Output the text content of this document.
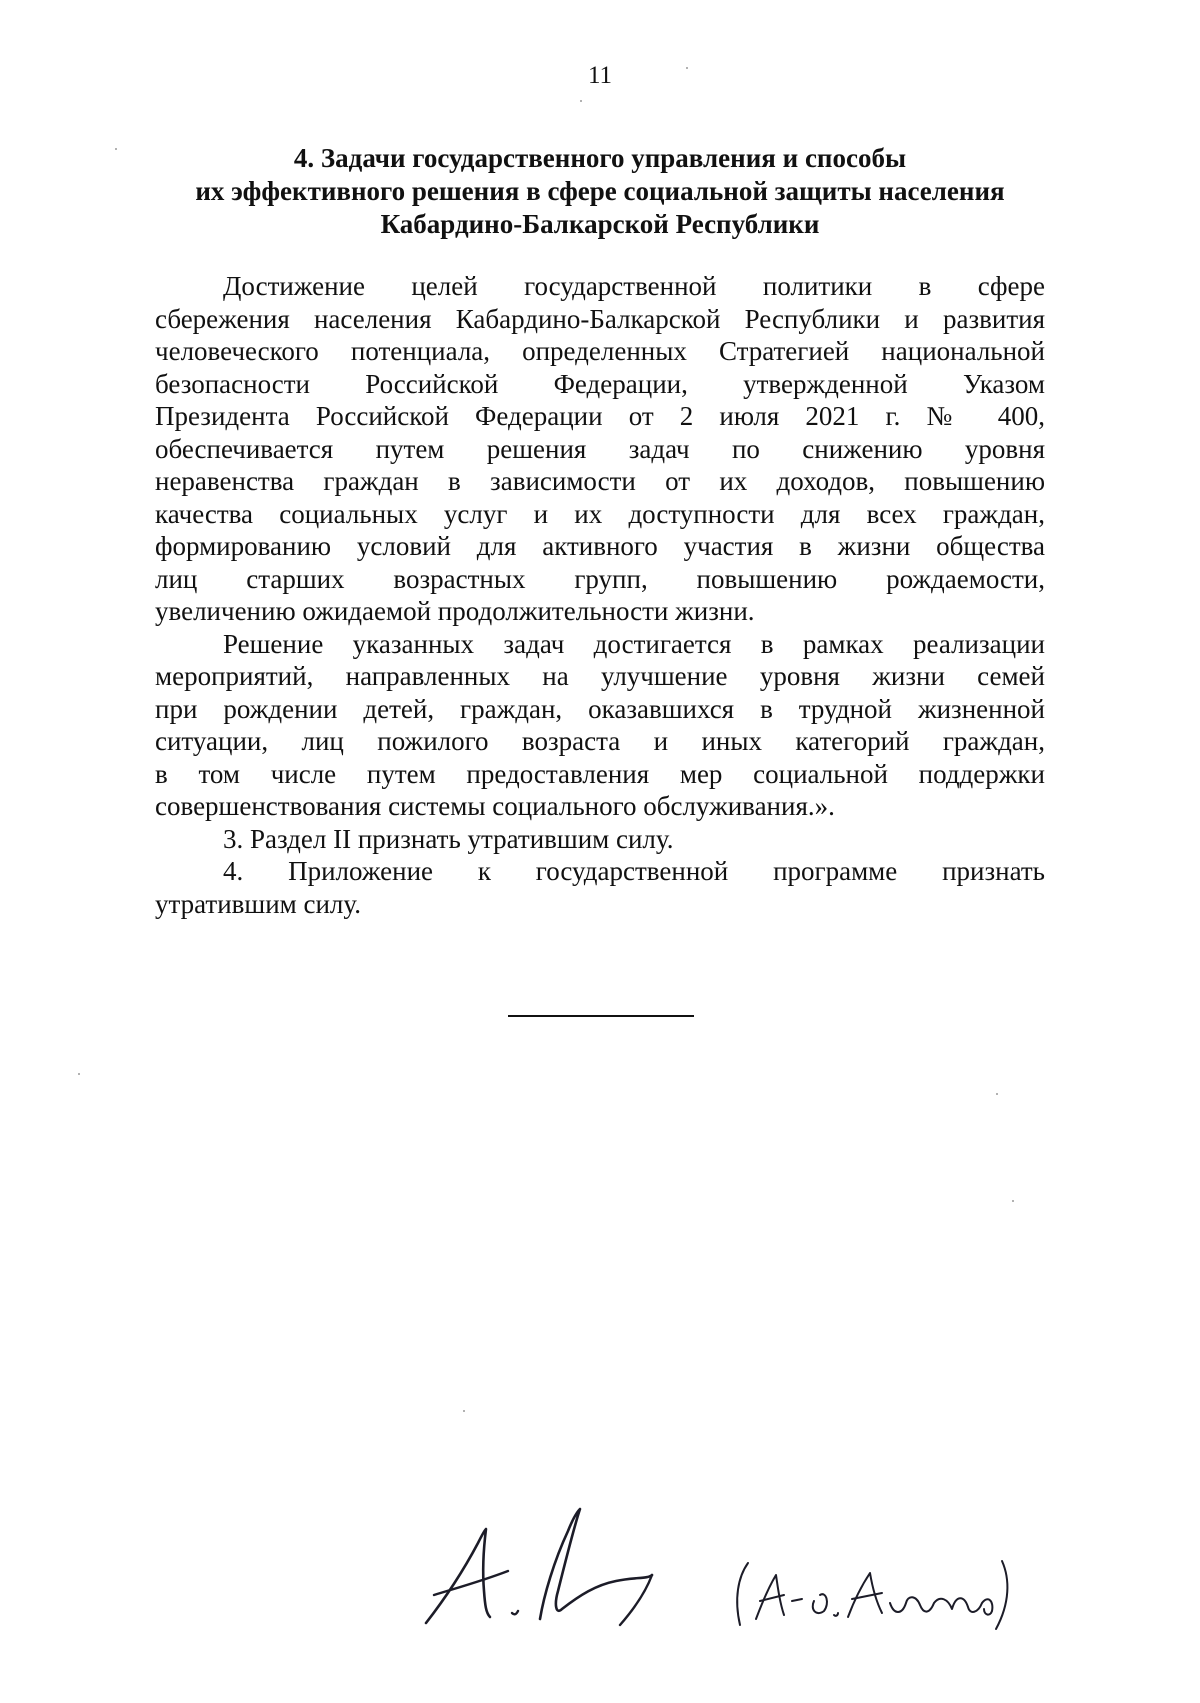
11
4. Задачи государственного управления и способы
их эффективного решения в сфере социальной защиты населения
Кабардино-Балкарской Республики
Достижение целей государственной политики в сфере
сбережения населения Кабардино-Балкарской Республики и развития
человеческого потенциала, определенных Стратегией национальной
безопасности Российской Федерации, утвержденной Указом
Президента Российской Федерации от 2 июля 2021 г. № 400,
обеспечивается путем решения задач по снижению уровня
неравенства граждан в зависимости от их доходов, повышению
качества социальных услуг и их доступности для всех граждан,
формированию условий для активного участия в жизни общества
лиц старших возрастных групп, повышению рождаемости,
увеличению ожидаемой продолжительности жизни.
Решение указанных задач достигается в рамках реализации
мероприятий, направленных на улучшение уровня жизни семей
при рождении детей, граждан, оказавшихся в трудной жизненной
ситуации, лиц пожилого возраста и иных категорий граждан,
в том числе путем предоставления мер социальной поддержки
совершенствования системы социального обслуживания.».
3. Раздел II признать утратившим силу.
4. Приложение к государственной программе признать
утратившим силу.
